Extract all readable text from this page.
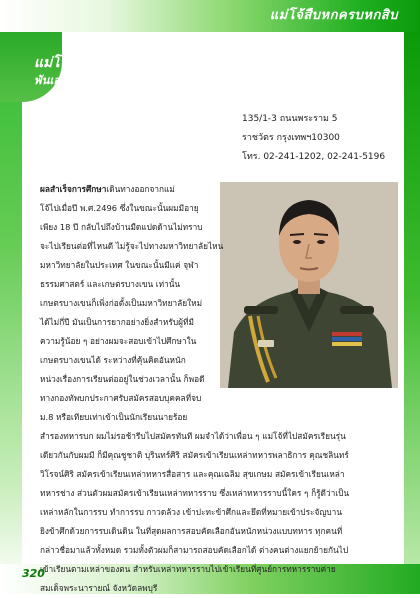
แม่โจ้สืบหกครบหกสิบ
แม่โจ้รุ่นที่ 16
พันเอก(พิเศษ) โชติวุฒิ วรรณวรสพากย์
135/1-3 ถนนพระราม 5
ราชวัตร กรุงเทพฯ10300
โทร. 02-241-1202, 02-241-5196
ผลสำเร็จการศึกษาเดินทางออกจากแม่
โจ้ไปเมื่อปี พ.ศ.2496 ซึ่งในขณะนั้นผมมีอายุ
เพียง 18 ปี กลับไปถึงบ้านมืดแปดด้านไม่ทราบ
จะไปเรียนต่อที่ไหนดี ไม่รู้จะไปทางมหาวิทยาลัยไหน
มหาวิทยาลัยในประเทศ ในขณะนั้นมีแค่ จุฬา
ธรรมศาสตร์ และเกษตรบางเขน เท่านั้น
เกษตรบางเขนก็เพิ่งก่อตั้งเป็นมหาวิทยาลัยใหม่
ได้ไม่กี่ปี มันเป็นการยากอย่างยิ่งสำหรับผู้ที่มี
ความรู้น้อย ๆ อย่างผมจะสอบเข้าไปศึกษาใน
เกษตรบางเขนได้ ระหว่างที่คุ้นคิดอันหนัก
หน่วงเรื่องการเรียนต่ออยู่ในช่วงเวลานั้น ก็พอดี
ทางกองทัพบกประกาศรับสมัครสอบบุคคลที่จบ
ม.8 หรือเทียบเท่าเข้าเป็นนักเรียนนายร้อย
สำรองทหารบก ผมไม่รอช้ารีบไปสมัครทันที ผมจำได้ว่าเพื่อน ๆ แม่โจ้ที่ไปสมัครเรียนรุ่น
เดียวกันกับผมมี ก็มีคุณชูชาติ บุรินทร์ศิริ สมัครเข้าเรียนเหล่าทหารพลาธิการ คุณชลินทร์
วิโรจน์ศิริ สมัครเข้าเรียนเหล่าทหารสื่อสาร และคุณเฉลิม สุขเกษม สมัครเข้าเรียนเหล่า
ทหารช่าง ส่วนตัวผมสมัครเข้าเรียนเหล่าทหารราบ ซึ่งเหล่าทหารราบนี้ใคร ๆ ก็รู้ดีว่าเป็น
เหล่าหลักในการรบ ทำการรบ กาวดล้วง เข้าปะทะข้าศึกและยึดที่หมายเข้าประจัญบาน
ยิงข้าศึกด้วยการรบเดินดิน ในที่สุดผลการสอบคัดเลือกอันหนักหน่วงแบบทหาร ทุกคนที่
กล่าวชื่อมาแล้วทั้งหมด รวมทั้งตัวผมก็สามารถสอบคัดเลือกได้ ต่างคนต่างแยกย้ายกันไป
เข้าเรียนตามเหล่าของตน สำหรับเหล่าทหารราบไปเข้าเรียนที่ศูนย์การทหารราบค่าย
สมเด็จพระนารายณ์ จังหวัดลพบุรี
320
